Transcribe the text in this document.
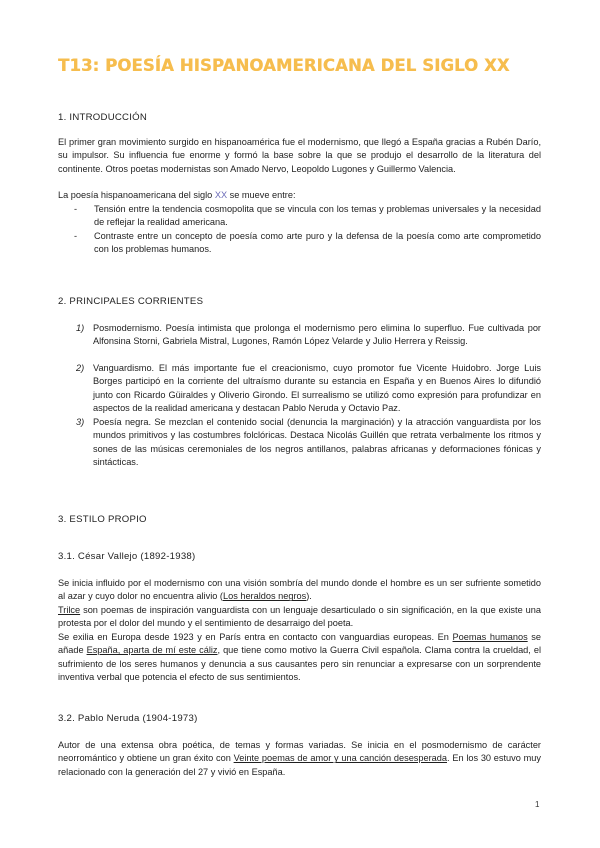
T13: POESÍA HISPANOAMERICANA DEL SIGLO XX
1. INTRODUCCIÓN
El primer gran movimiento surgido en hispanoamérica fue el modernismo, que llegó a España gracias a Rubén Darío, su impulsor. Su influencia fue enorme y formó la base sobre la que se produjo el desarrollo de la literatura del continente. Otros poetas modernistas son Amado Nervo, Leopoldo Lugones y Guillermo Valencia.
La poesía hispanoamericana del siglo XX se mueve entre:
- Tensión entre la tendencia cosmopolita que se vincula con los temas y problemas universales y la necesidad de reflejar la realidad americana.
- Contraste entre un concepto de poesía como arte puro y la defensa de la poesía como arte comprometido con los problemas humanos.
2. PRINCIPALES CORRIENTES
1) Posmodernismo. Poesía intimista que prolonga el modernismo pero elimina lo superfluo. Fue cultivada por Alfonsina Storni, Gabriela Mistral, Lugones, Ramón López Velarde y Julio Herrera y Reissig.
2) Vanguardismo. El más importante fue el creacionismo, cuyo promotor fue Vicente Huidobro. Jorge Luis Borges participó en la corriente del ultraísmo durante su estancia en España y en Buenos Aires lo difundió junto con Ricardo Güiraldes y Oliverio Girondo. El surrealismo se utilizó como expresión para profundizar en aspectos de la realidad americana y destacan Pablo Neruda y Octavio Paz.
3) Poesía negra. Se mezclan el contenido social (denuncia la marginación) y la atracción vanguardista por los mundos primitivos y las costumbres folclóricas. Destaca Nicolás Guillén que retrata verbalmente los ritmos y sones de las músicas ceremoniales de los negros antillanos, palabras africanas y deformaciones fónicas y sintácticas.
3. ESTILO PROPIO
3.1. César Vallejo (1892-1938)
Se inicia influido por el modernismo con una visión sombría del mundo donde el hombre es un ser sufriente sometido al azar y cuyo dolor no encuentra alivio (Los heraldos negros).
Trilce son poemas de inspiración vanguardista con un lenguaje desarticulado o sin significación, en la que existe una protesta por el dolor del mundo y el sentimiento de desarraigo del poeta.
Se exilia en Europa desde 1923 y en París entra en contacto con vanguardias europeas. En Poemas humanos se añade España, aparta de mí este cáliz, que tiene como motivo la Guerra Civil española. Clama contra la crueldad, el sufrimiento de los seres humanos y denuncia a sus causantes pero sin renunciar a expresarse con un sorprendente inventiva verbal que potencia el efecto de sus sentimientos.
3.2. Pablo Neruda (1904-1973)
Autor de una extensa obra poética, de temas y formas variadas. Se inicia en el posmodernismo de carácter neorromántico y obtiene un gran éxito con Veinte poemas de amor y una canción desesperada. En los 30 estuvo muy relacionado con la generación del 27 y vivió en España.
1
